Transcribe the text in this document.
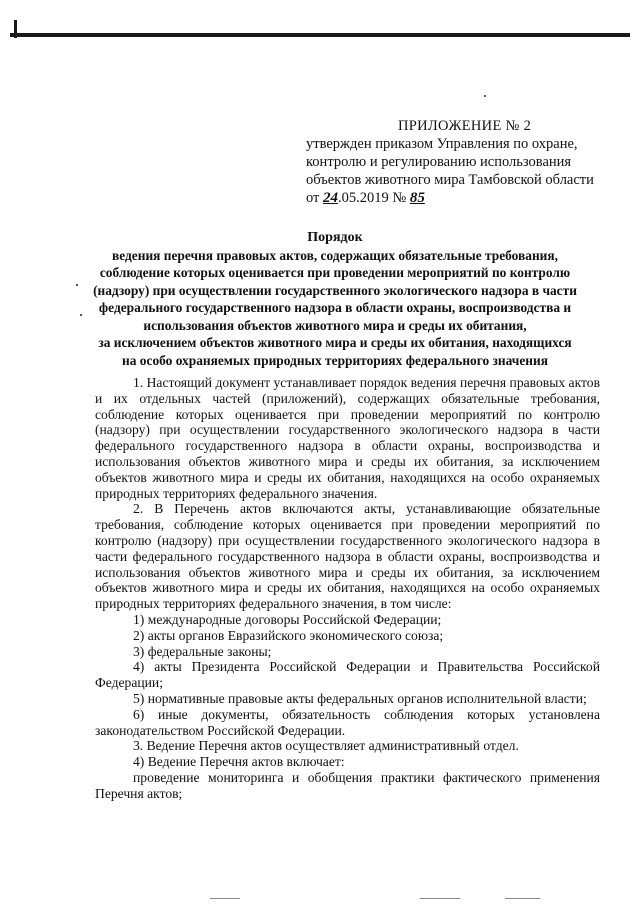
ПРИЛОЖЕНИЕ № 2
утвержден приказом Управления по охране,
контролю и регулированию использования
объектов животного мира Тамбовской области
от 24.05.2019 № 85
Порядок
ведения перечня правовых актов, содержащих обязательные требования,
соблюдение которых оценивается при проведении мероприятий по контролю
(надзору) при осуществлении государственного экологического надзора в части
федерального государственного надзора в области охраны, воспроизводства и
использования объектов животного мира и среды их обитания,
за исключением объектов животного мира и среды их обитания, находящихся
на особо охраняемых природных территориях федерального значения

1. Настоящий документ устанавливает порядок ведения перечня правовых актов и их отдельных частей (приложений), содержащих обязательные требования, соблюдение которых оценивается при проведении мероприятий по контролю (надзору) при осуществлении государственного экологического надзора в части федерального государственного надзора в области охраны, воспроизводства и использования объектов животного мира и среды их обитания, за исключением объектов животного мира и среды их обитания, находящихся на особо охраняемых природных территориях федерального значения.

2. В Перечень актов включаются акты, устанавливающие обязательные требования, соблюдение которых оценивается при проведении мероприятий по контролю (надзору) при осуществлении государственного экологического надзора в части федерального государственного надзора в области охраны, воспроизводства и использования объектов животного мира и среды их обитания, за исключением объектов животного мира и среды их обитания, находящихся на особо охраняемых природных территориях федерального значения, в том числе:

1) международные договоры Российской Федерации;

2) акты органов Евразийского экономического союза;

3) федеральные законы;

4) акты Президента Российской Федерации и Правительства Российской Федерации;

5) нормативные правовые акты федеральных органов исполнительной власти;

6) иные документы, обязательность соблюдения которых установлена законодательством Российской Федерации.

3. Ведение Перечня актов осуществляет административный отдел.

4) Ведение Перечня актов включает:

проведение мониторинга и обобщения практики фактического применения Перечня актов;
